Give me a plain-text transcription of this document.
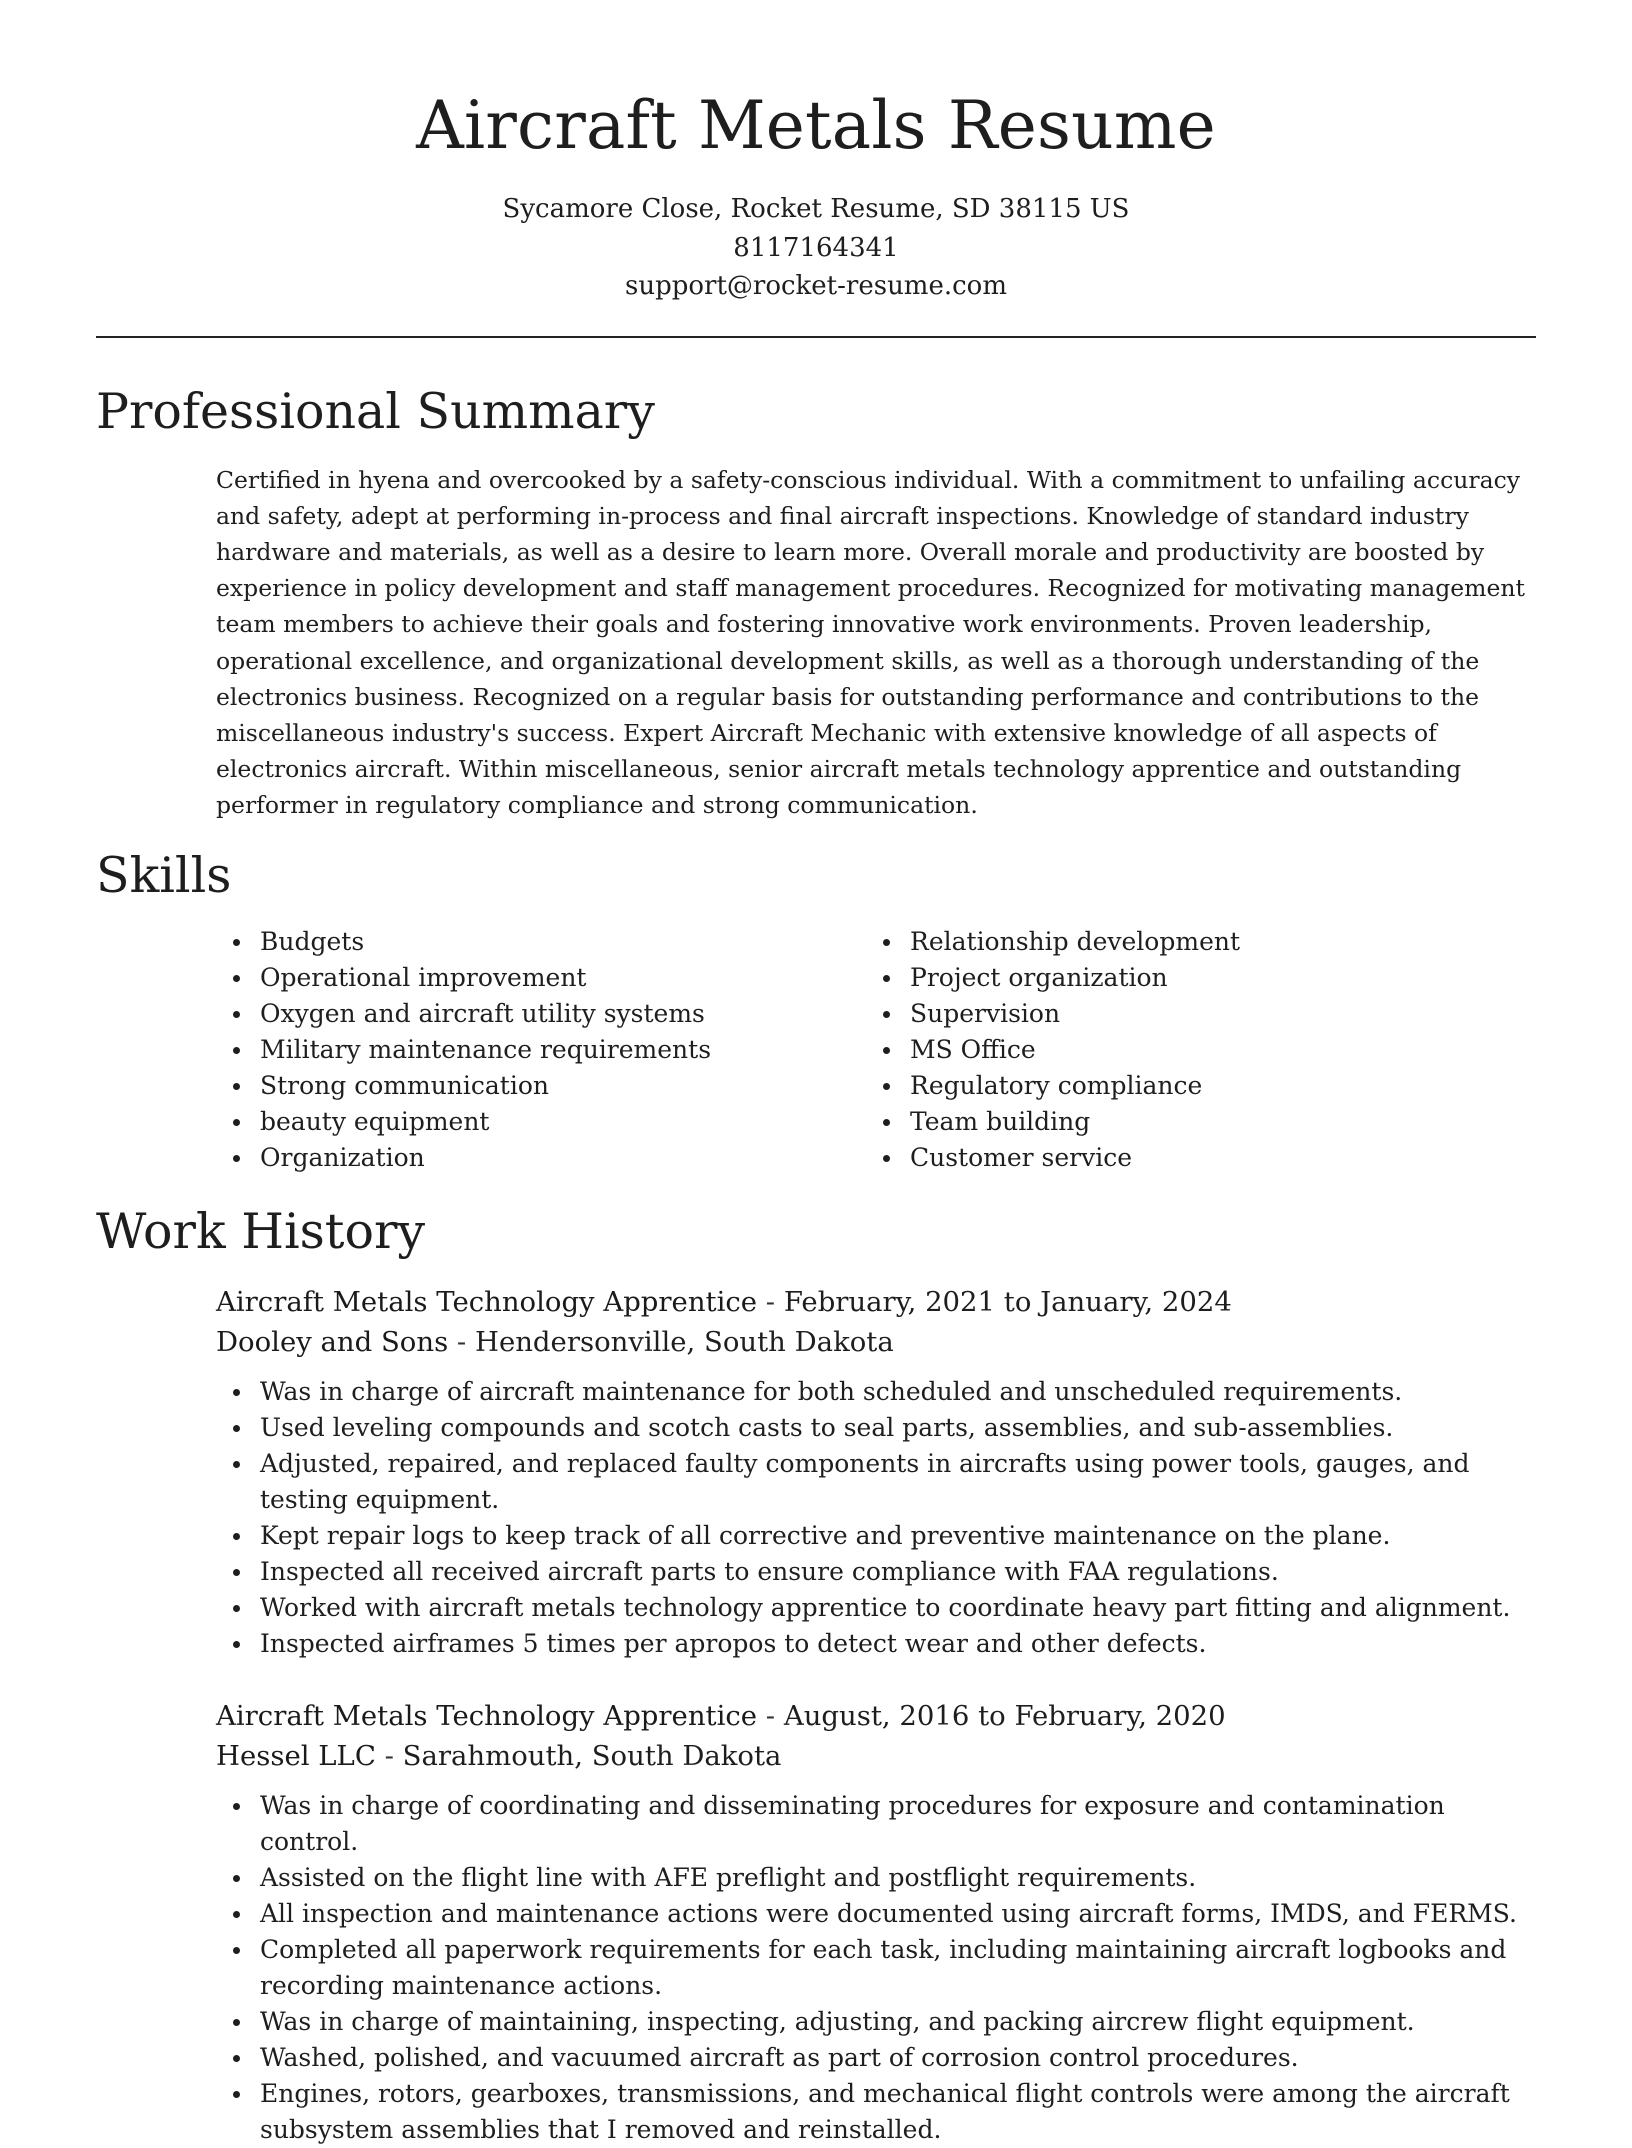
Aircraft Metals Resume
Sycamore Close, Rocket Resume, SD 38115 US
8117164341
support@rocket-resume.com
Professional Summary

Certified in hyena and overcooked by a safety-conscious individual. With a commitment to unfailing accuracy and safety, adept at performing in-process and final aircraft inspections. Knowledge of standard industry hardware and materials, as well as a desire to learn more. Overall morale and productivity are boosted by experience in policy development and staff management procedures. Recognized for motivating management team members to achieve their goals and fostering innovative work environments. Proven leadership, operational excellence, and organizational development skills, as well as a thorough understanding of the electronics business. Recognized on a regular basis for outstanding performance and contributions to the miscellaneous industry's success. Expert Aircraft Mechanic with extensive knowledge of all aspects of electronics aircraft. Within miscellaneous, senior aircraft metals technology apprentice and outstanding performer in regulatory compliance and strong communication.

Skills
Budgets
Operational improvement
Oxygen and aircraft utility systems
Military maintenance requirements
Strong communication
beauty equipment
Organization
Relationship development
Project organization
Supervision
MS Office
Regulatory compliance
Team building
Customer service
Work History
Aircraft Metals Technology Apprentice - February, 2021 to January, 2024
Dooley and Sons - Hendersonville, South Dakota
Was in charge of aircraft maintenance for both scheduled and unscheduled requirements.
Used leveling compounds and scotch casts to seal parts, assemblies, and sub-assemblies.
Adjusted, repaired, and replaced faulty components in aircrafts using power tools, gauges, and testing equipment.
Kept repair logs to keep track of all corrective and preventive maintenance on the plane.
Inspected all received aircraft parts to ensure compliance with FAA regulations.
Worked with aircraft metals technology apprentice to coordinate heavy part fitting and alignment.
Inspected airframes 5 times per apropos to detect wear and other defects.
Aircraft Metals Technology Apprentice - August, 2016 to February, 2020
Hessel LLC - Sarahmouth, South Dakota
Was in charge of coordinating and disseminating procedures for exposure and contamination control.
Assisted on the flight line with AFE preflight and postflight requirements.
All inspection and maintenance actions were documented using aircraft forms, IMDS, and FERMS.
Completed all paperwork requirements for each task, including maintaining aircraft logbooks and recording maintenance actions.
Was in charge of maintaining, inspecting, adjusting, and packing aircrew flight equipment.
Washed, polished, and vacuumed aircraft as part of corrosion control procedures.
Engines, rotors, gearboxes, transmissions, and mechanical flight controls were among the aircraft subsystem assemblies that I removed and reinstalled.
